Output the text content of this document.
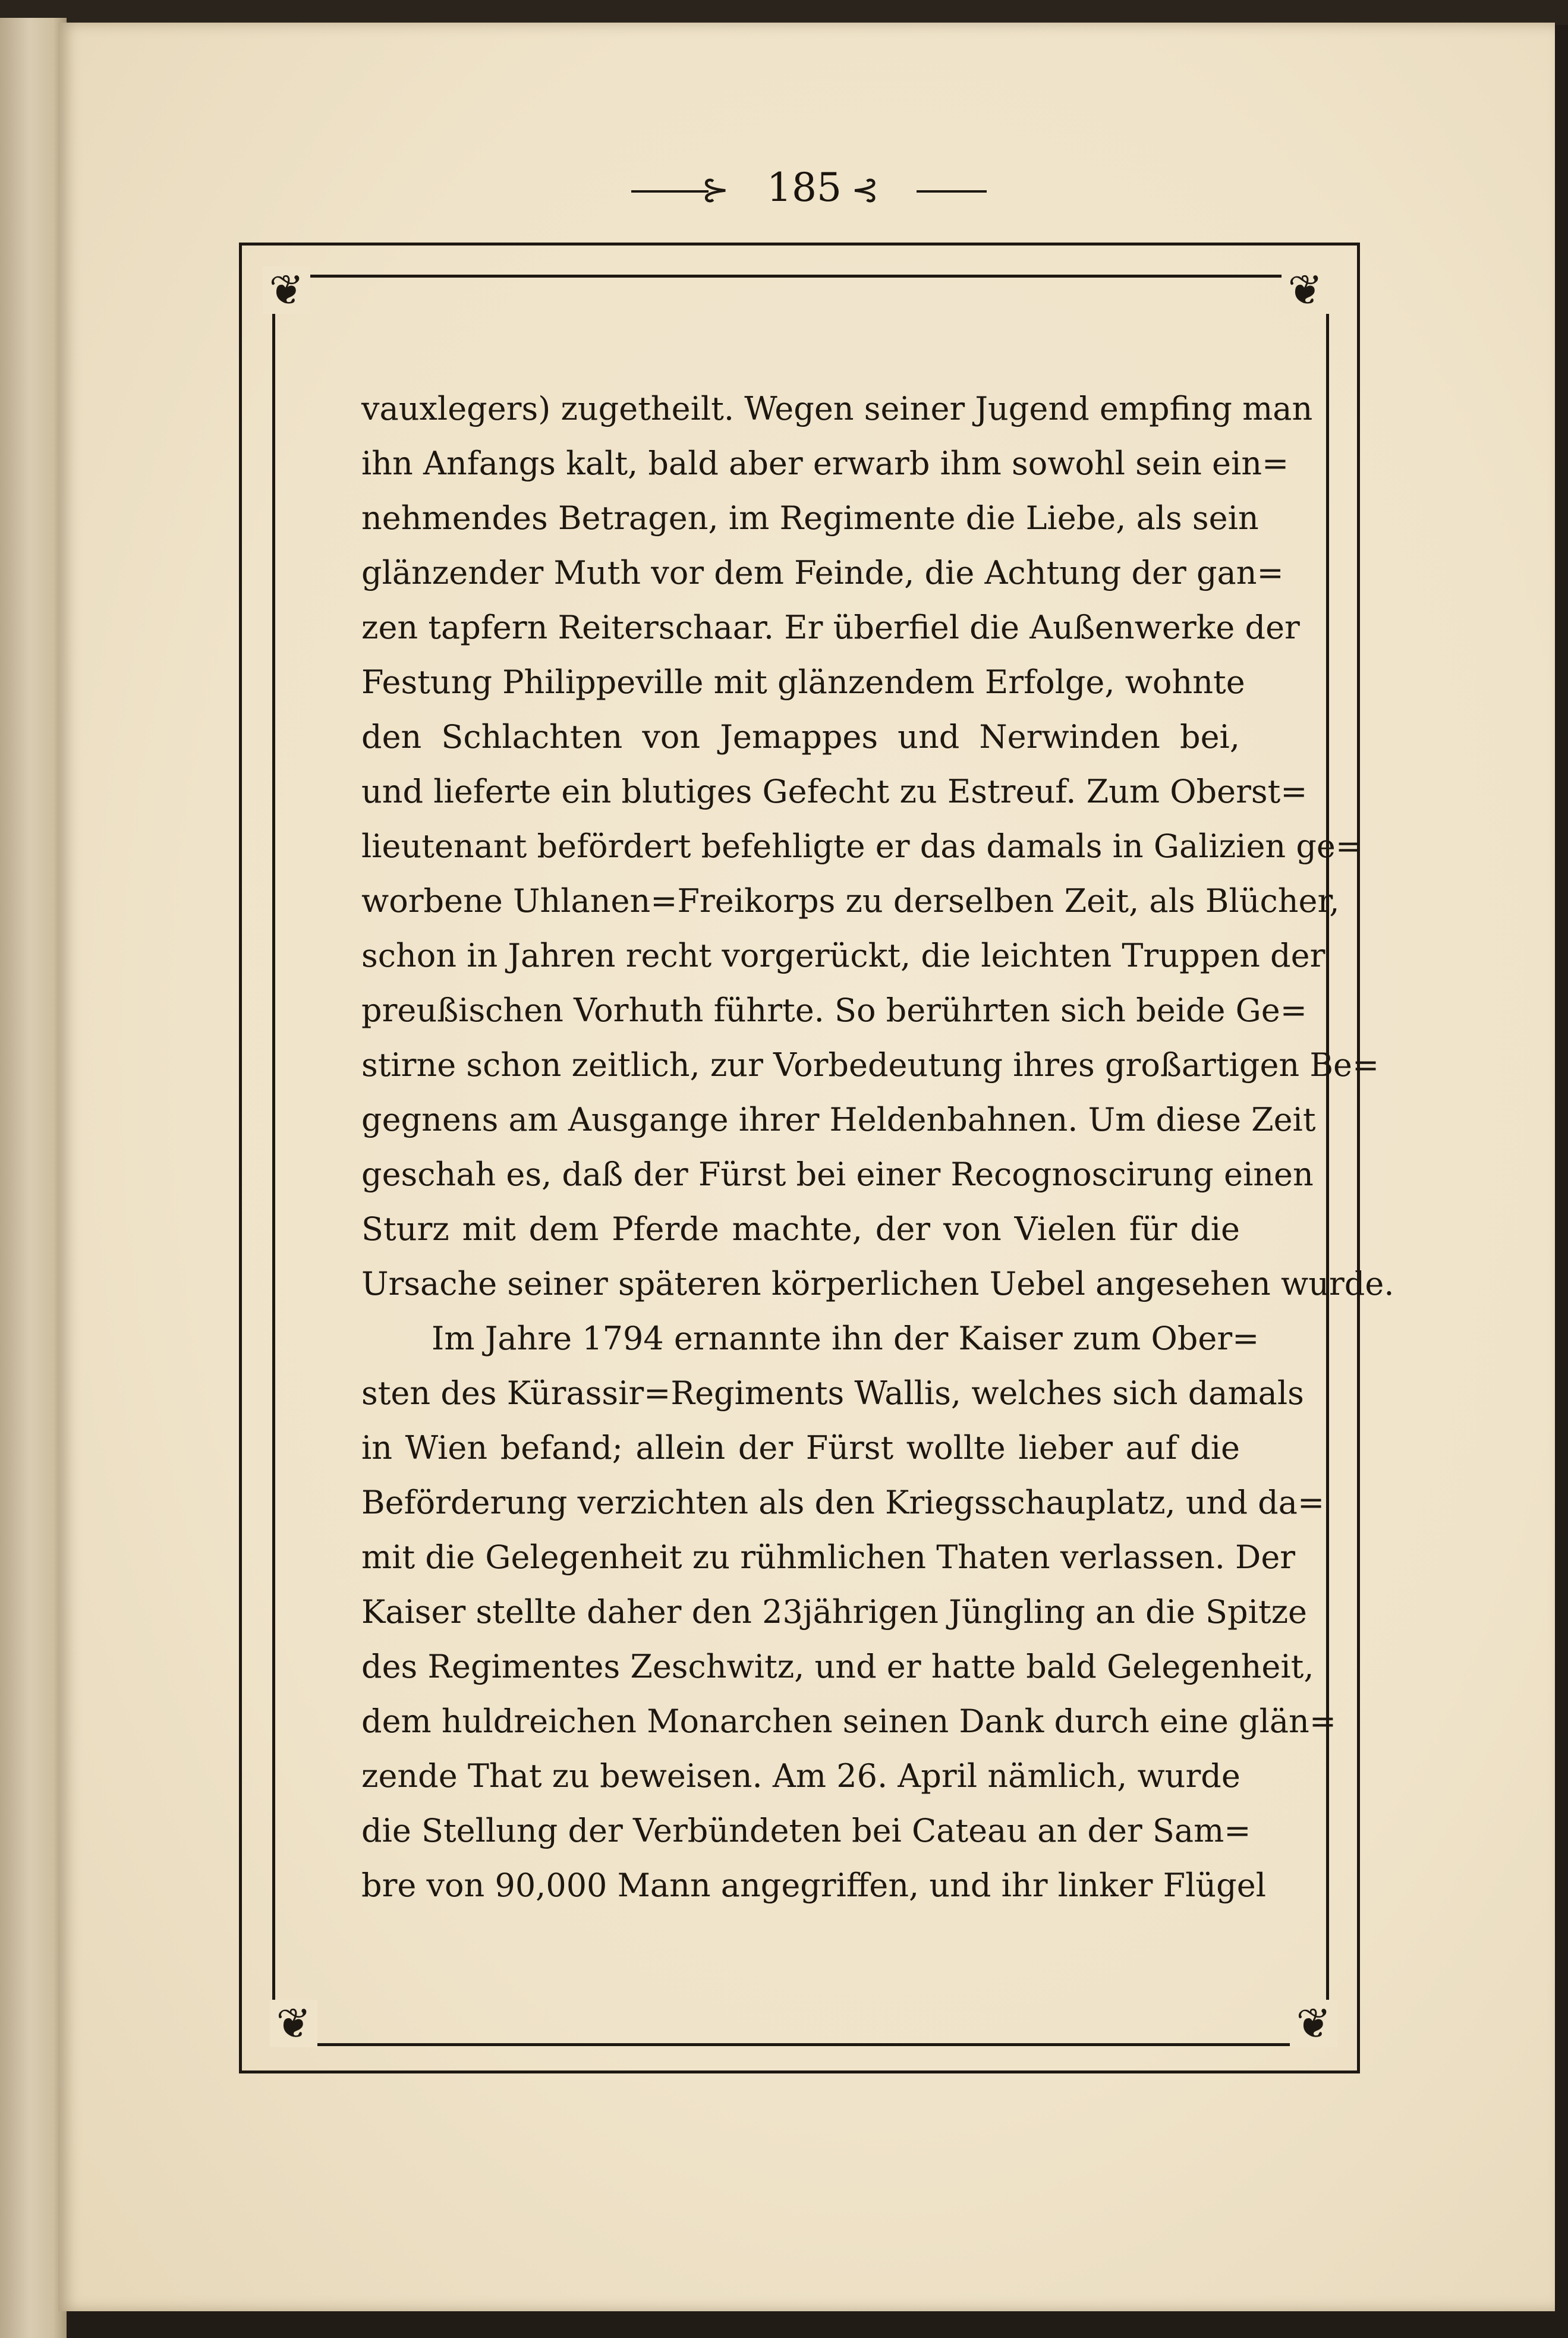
⊱ 185 ⊰
❦	❦
❦	❦
vauxlegers) zugetheilt. Wegen seiner Jugend empfing man
ihn Anfangs kalt, bald aber erwarb ihm sowohl sein ein=
nehmendes Betragen, im Regimente die Liebe, als sein
glänzender Muth vor dem Feinde, die Achtung der gan=
zen tapfern Reiterschaar. Er überfiel die Außenwerke der
Festung Philippeville mit glänzendem Erfolge, wohnte
den Schlachten von Jemappes und Nerwinden bei,
und lieferte ein blutiges Gefecht zu Estreuf. Zum Oberst=
lieutenant befördert befehligte er das damals in Galizien ge=
worbene Uhlanen=Freikorps zu derselben Zeit, als Blücher,
schon in Jahren recht vorgerückt, die leichten Truppen der
preußischen Vorhuth führte. So berührten sich beide Ge=
stirne schon zeitlich, zur Vorbedeutung ihres großartigen Be=
gegnens am Ausgange ihrer Heldenbahnen. Um diese Zeit
geschah es, daß der Fürst bei einer Recognoscirung einen
Sturz mit dem Pferde machte, der von Vielen für die
Ursache seiner späteren körperlichen Uebel angesehen wurde.
Im Jahre 1794 ernannte ihn der Kaiser zum Ober=
sten des Kürassir=Regiments Wallis, welches sich damals
in Wien befand; allein der Fürst wollte lieber auf die
Beförderung verzichten als den Kriegsschauplatz, und da=
mit die Gelegenheit zu rühmlichen Thaten verlassen. Der
Kaiser stellte daher den 23jährigen Jüngling an die Spitze
des Regimentes Zeschwitz, und er hatte bald Gelegenheit,
dem huldreichen Monarchen seinen Dank durch eine glän=
zende That zu beweisen. Am 26. April nämlich, wurde
die Stellung der Verbündeten bei Cateau an der Sam=
bre von 90,000 Mann angegriffen, und ihr linker Flügel
